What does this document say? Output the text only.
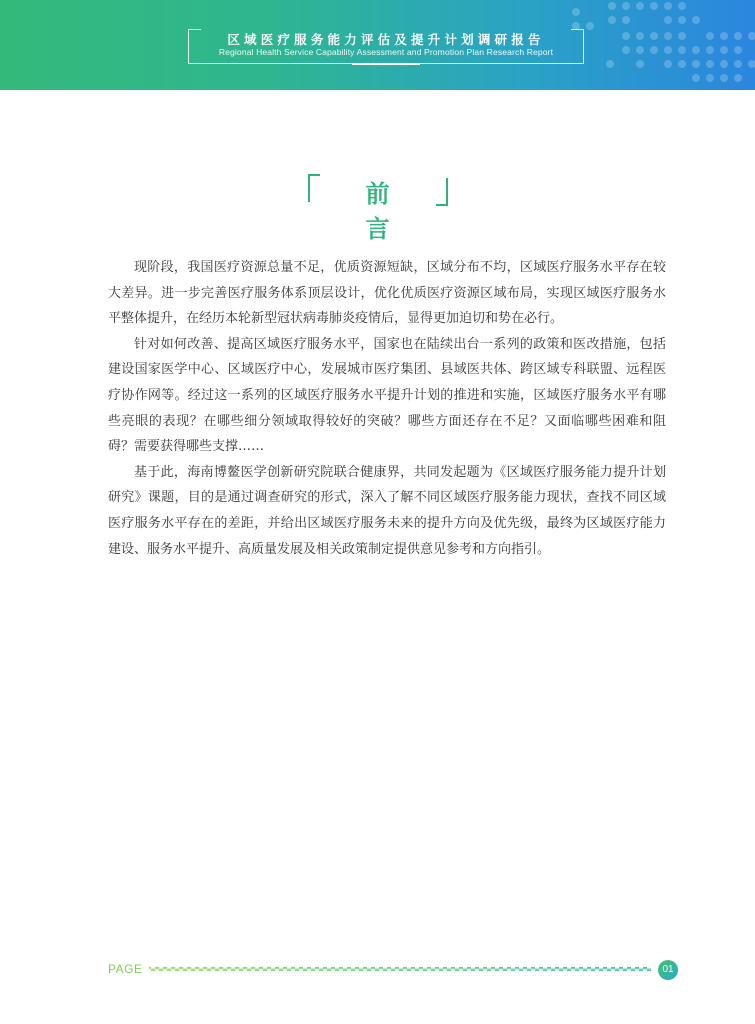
区域医疗服务能力评估及提升计划调研报告
Regional Health Service Capability Assessment and Promotion Plan Research Report
前言

现阶段，我国医疗资源总量不足，优质资源短缺，区域分布不均，区域医疗服务水平存在较大差异。进一步完善医疗服务体系顶层设计，优化优质医疗资源区域布局，实现区域医疗服务水平整体提升，在经历本轮新型冠状病毒肺炎疫情后，显得更加迫切和势在必行。

针对如何改善、提高区域医疗服务水平，国家也在陆续出台一系列的政策和医改措施，包括建设国家医学中心、区域医疗中心，发展城市医疗集团、县域医共体、跨区域专科联盟、远程医疗协作网等。经过这一系列的区域医疗服务水平提升计划的推进和实施，区域医疗服务水平有哪些亮眼的表现？在哪些细分领域取得较好的突破？哪些方面还存在不足？又面临哪些困难和阻碍？需要获得哪些支撑……

基于此，海南博鳌医学创新研究院联合健康界，共同发起题为《区域医疗服务能力提升计划研究》课题，目的是通过调查研究的形式，深入了解不同区域医疗服务能力现状，查找不同区域医疗服务水平存在的差距，并给出区域医疗服务未来的提升方向及优先级，最终为区域医疗能力建设、服务水平提升、高质量发展及相关政策制定提供意见参考和方向指引。

PAGE	01
